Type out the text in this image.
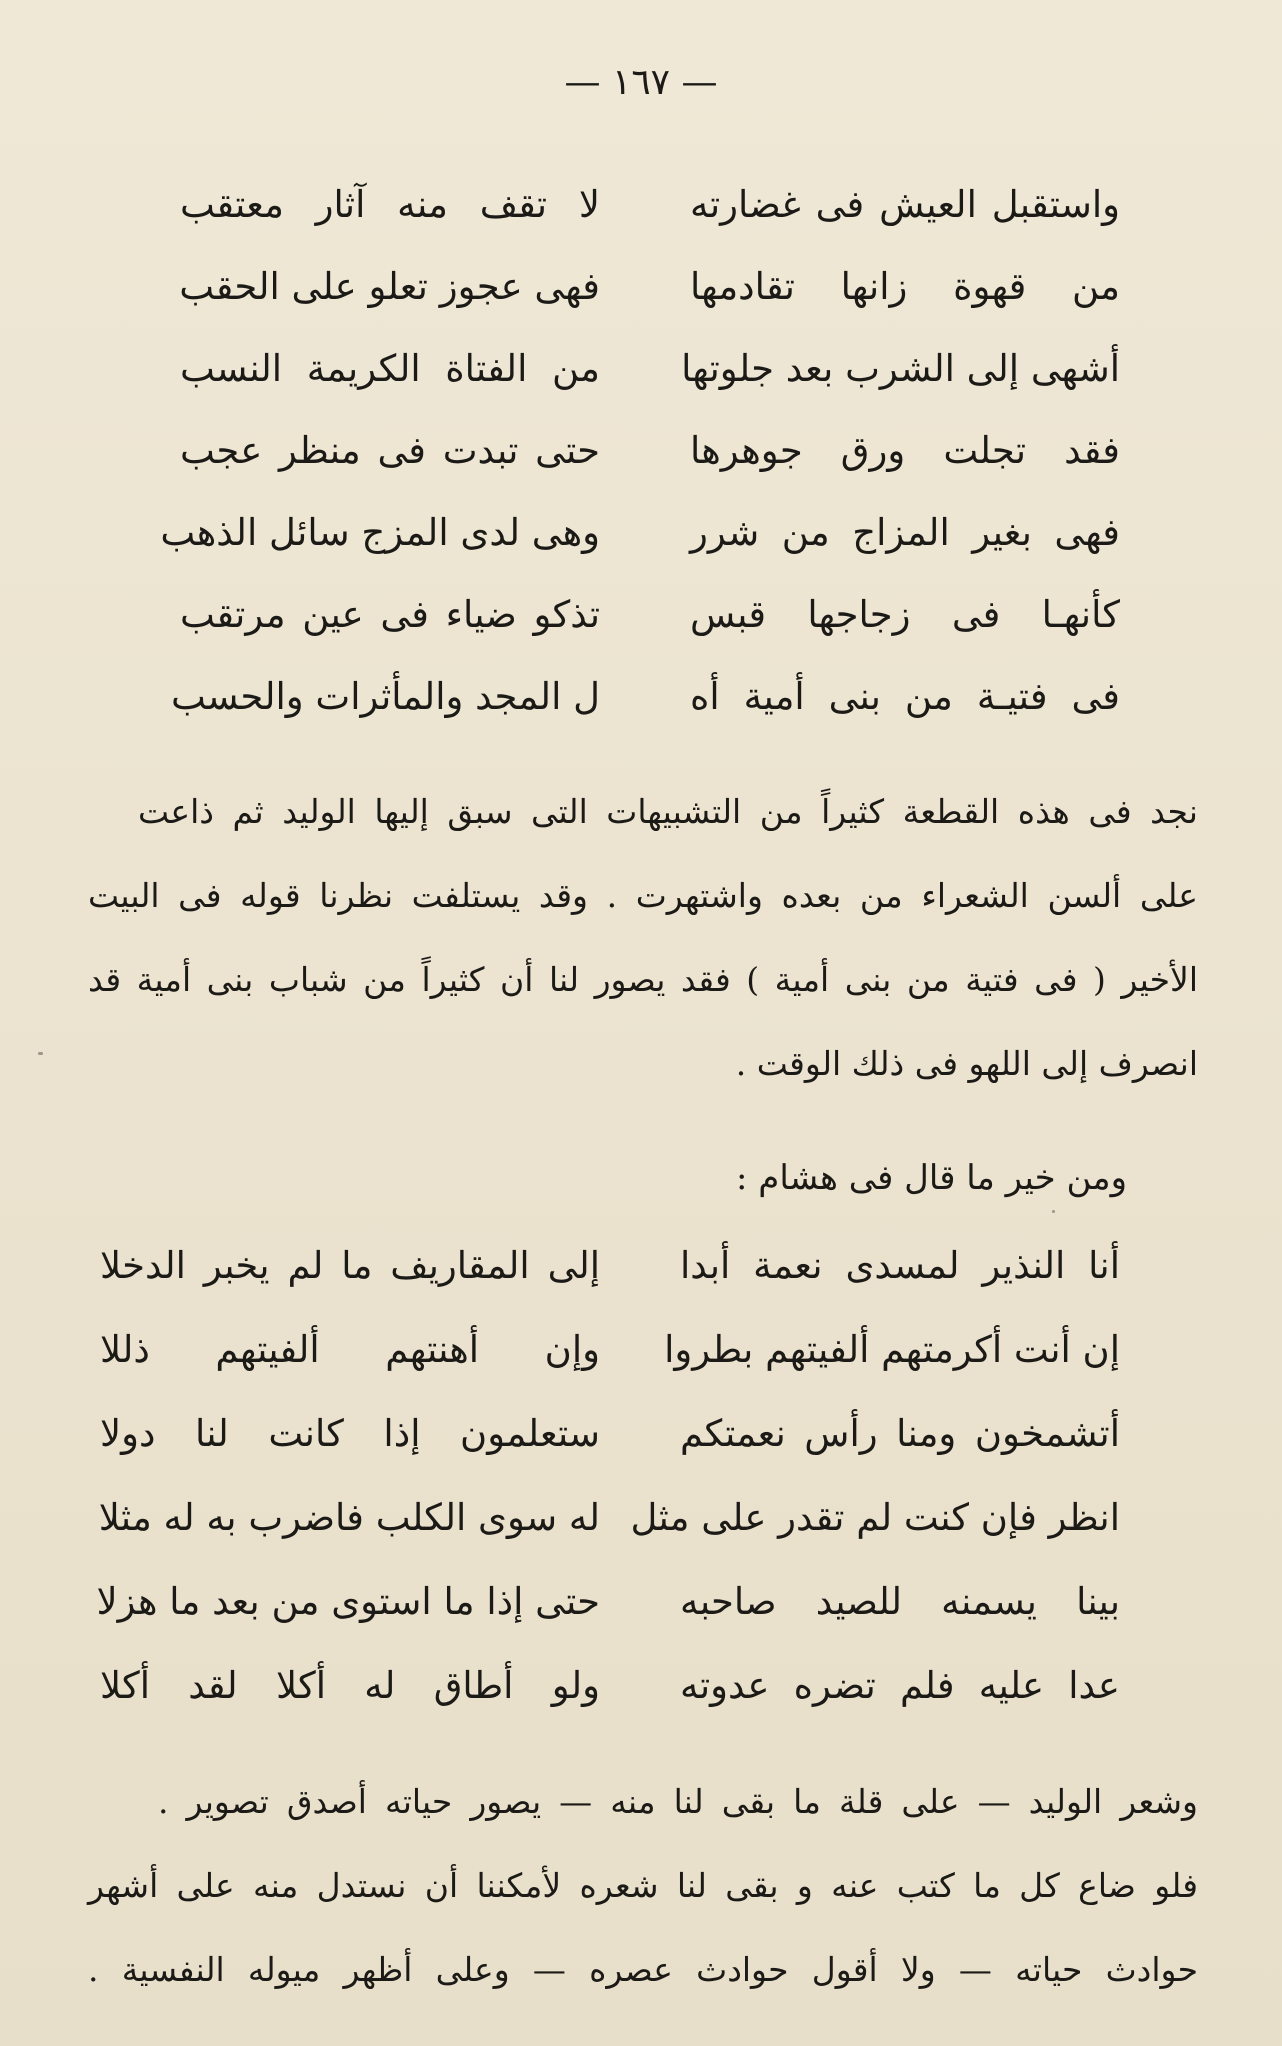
— ١٦٧ —
واستقبل العيش فى غضارته
لا تقف منه آثار معتقب
من قهوة زانها تقادمها
فهى عجوز تعلو على الحقب
أشهى إلى الشرب بعد جلوتها
من الفتاة الكريمة النسب
فقد تجلت ورق جوهرها
حتى تبدت فى منظر عجب
فهى بغير المزاج من شرر
وهى لدى المزج سائل الذهب
كأنهـا فى زجاجها قبس
تذكو ضياء فى عين مرتقب
فى فتيـة من بنى أمية أه
ل المجد والمأثرات والحسب
نجد فى هذه القطعة كثيراً من التشبيهات التى سبق إليها الوليد ثم ذاعت
على ألسن الشعراء من بعده واشتهرت . وقد يستلفت نظرنا قوله فى البيت
الأخير ( فى فتية من بنى أمية ) فقد يصور لنا أن كثيراً من شباب بنى أمية قد
انصرف إلى اللهو فى ذلك الوقت .
ومن خير ما قال فى هشام :
أنا النذير لمسدى نعمة أبدا
إلى المقاريف ما لم يخبر الدخلا
إن أنت أكرمتهم ألفيتهم بطروا
وإن أهنتهم ألفيتهم ذللا
أتشمخون ومنا رأس نعمتكم
ستعلمون إذا كانت لنا دولا
انظر فإن كنت لم تقدر على مثل
له سوى الكلب فاضرب به له مثلا
بينا يسمنه للصيد صاحبه
حتى إذا ما استوى من بعد ما هزلا
عدا عليه فلم تضره عدوته
ولو أطاق له أكلا لقد أكلا
وشعر الوليد — على قلة ما بقى لنا منه — يصور حياته أصدق تصوير .
فلو ضاع كل ما كتب عنه و بقى لنا شعره لأمكننا أن نستدل منه على أشهر
حوادث حياته — ولا أقول حوادث عصره — وعلى أظهر ميوله النفسية .
